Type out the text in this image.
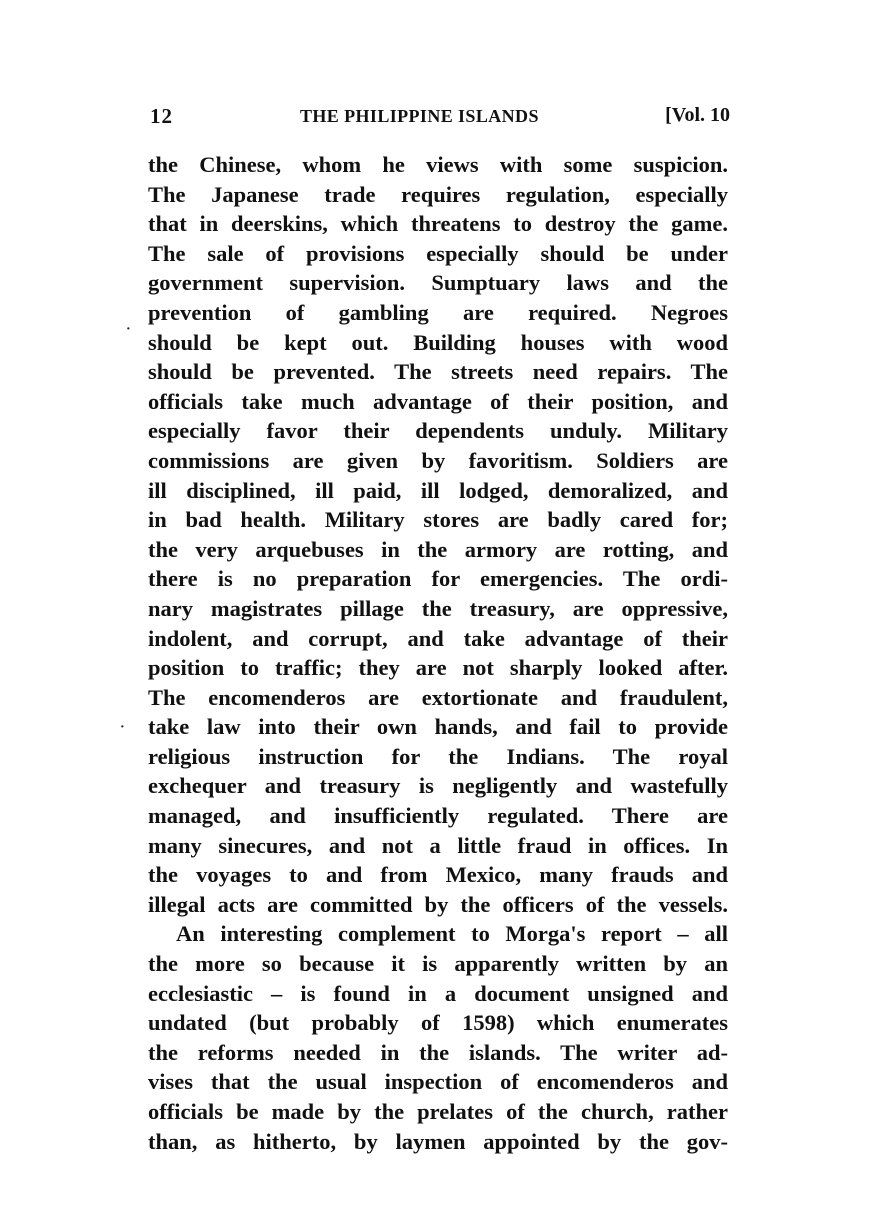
12	THE PHILIPPINE ISLANDS	[Vol. 10
·
·
the Chinese, whom he views with some suspicion.
The Japanese trade requires regulation, especially
that in deerskins, which threatens to destroy the game.
The sale of provisions especially should be under
government supervision. Sumptuary laws and the
prevention of gambling are required. Negroes
should be kept out. Building houses with wood
should be prevented. The streets need repairs. The
officials take much advantage of their position, and
especially favor their dependents unduly. Military
commissions are given by favoritism. Soldiers are
ill disciplined, ill paid, ill lodged, demoralized, and
in bad health. Military stores are badly cared for;
the very arquebuses in the armory are rotting, and
there is no preparation for emergencies. The ordi-
nary magistrates pillage the treasury, are oppressive,
indolent, and corrupt, and take advantage of their
position to traffic; they are not sharply looked after.
The encomenderos are extortionate and fraudulent,
take law into their own hands, and fail to provide
religious instruction for the Indians. The royal
exchequer and treasury is negligently and wastefully
managed, and insufficiently regulated. There are
many sinecures, and not a little fraud in offices. In
the voyages to and from Mexico, many frauds and
illegal acts are committed by the officers of the vessels.
An interesting complement to Morga's report – all
the more so because it is apparently written by an
ecclesiastic – is found in a document unsigned and
undated (but probably of 1598) which enumerates
the reforms needed in the islands. The writer ad-
vises that the usual inspection of encomenderos and
officials be made by the prelates of the church, rather
than, as hitherto, by laymen appointed by the gov-
